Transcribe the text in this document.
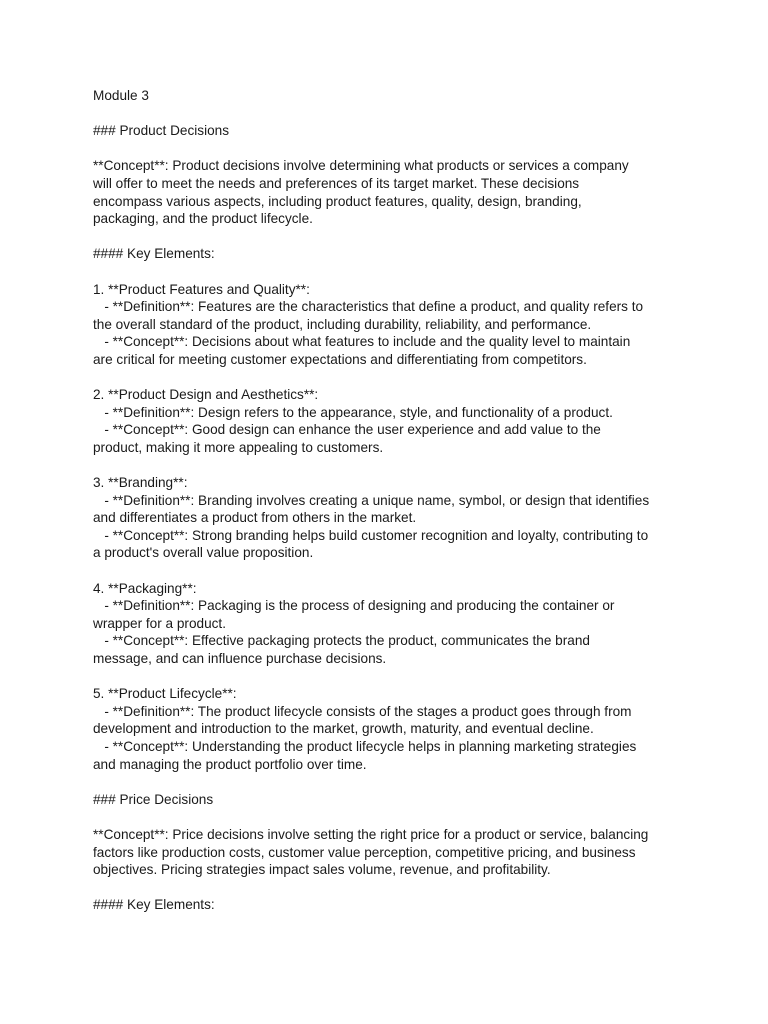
Module 3
### Product Decisions
**Concept**: Product decisions involve determining what products or services a company
will offer to meet the needs and preferences of its target market. These decisions
encompass various aspects, including product features, quality, design, branding,
packaging, and the product lifecycle.
#### Key Elements:
1. **Product Features and Quality**:
- **Definition**: Features are the characteristics that define a product, and quality refers to
the overall standard of the product, including durability, reliability, and performance.
- **Concept**: Decisions about what features to include and the quality level to maintain
are critical for meeting customer expectations and differentiating from competitors.
2. **Product Design and Aesthetics**:
- **Definition**: Design refers to the appearance, style, and functionality of a product.
- **Concept**: Good design can enhance the user experience and add value to the
product, making it more appealing to customers.
3. **Branding**:
- **Definition**: Branding involves creating a unique name, symbol, or design that identifies
and differentiates a product from others in the market.
- **Concept**: Strong branding helps build customer recognition and loyalty, contributing to
a product's overall value proposition.
4. **Packaging**:
- **Definition**: Packaging is the process of designing and producing the container or
wrapper for a product.
- **Concept**: Effective packaging protects the product, communicates the brand
message, and can influence purchase decisions.
5. **Product Lifecycle**:
- **Definition**: The product lifecycle consists of the stages a product goes through from
development and introduction to the market, growth, maturity, and eventual decline.
- **Concept**: Understanding the product lifecycle helps in planning marketing strategies
and managing the product portfolio over time.
### Price Decisions
**Concept**: Price decisions involve setting the right price for a product or service, balancing
factors like production costs, customer value perception, competitive pricing, and business
objectives. Pricing strategies impact sales volume, revenue, and profitability.
#### Key Elements:
